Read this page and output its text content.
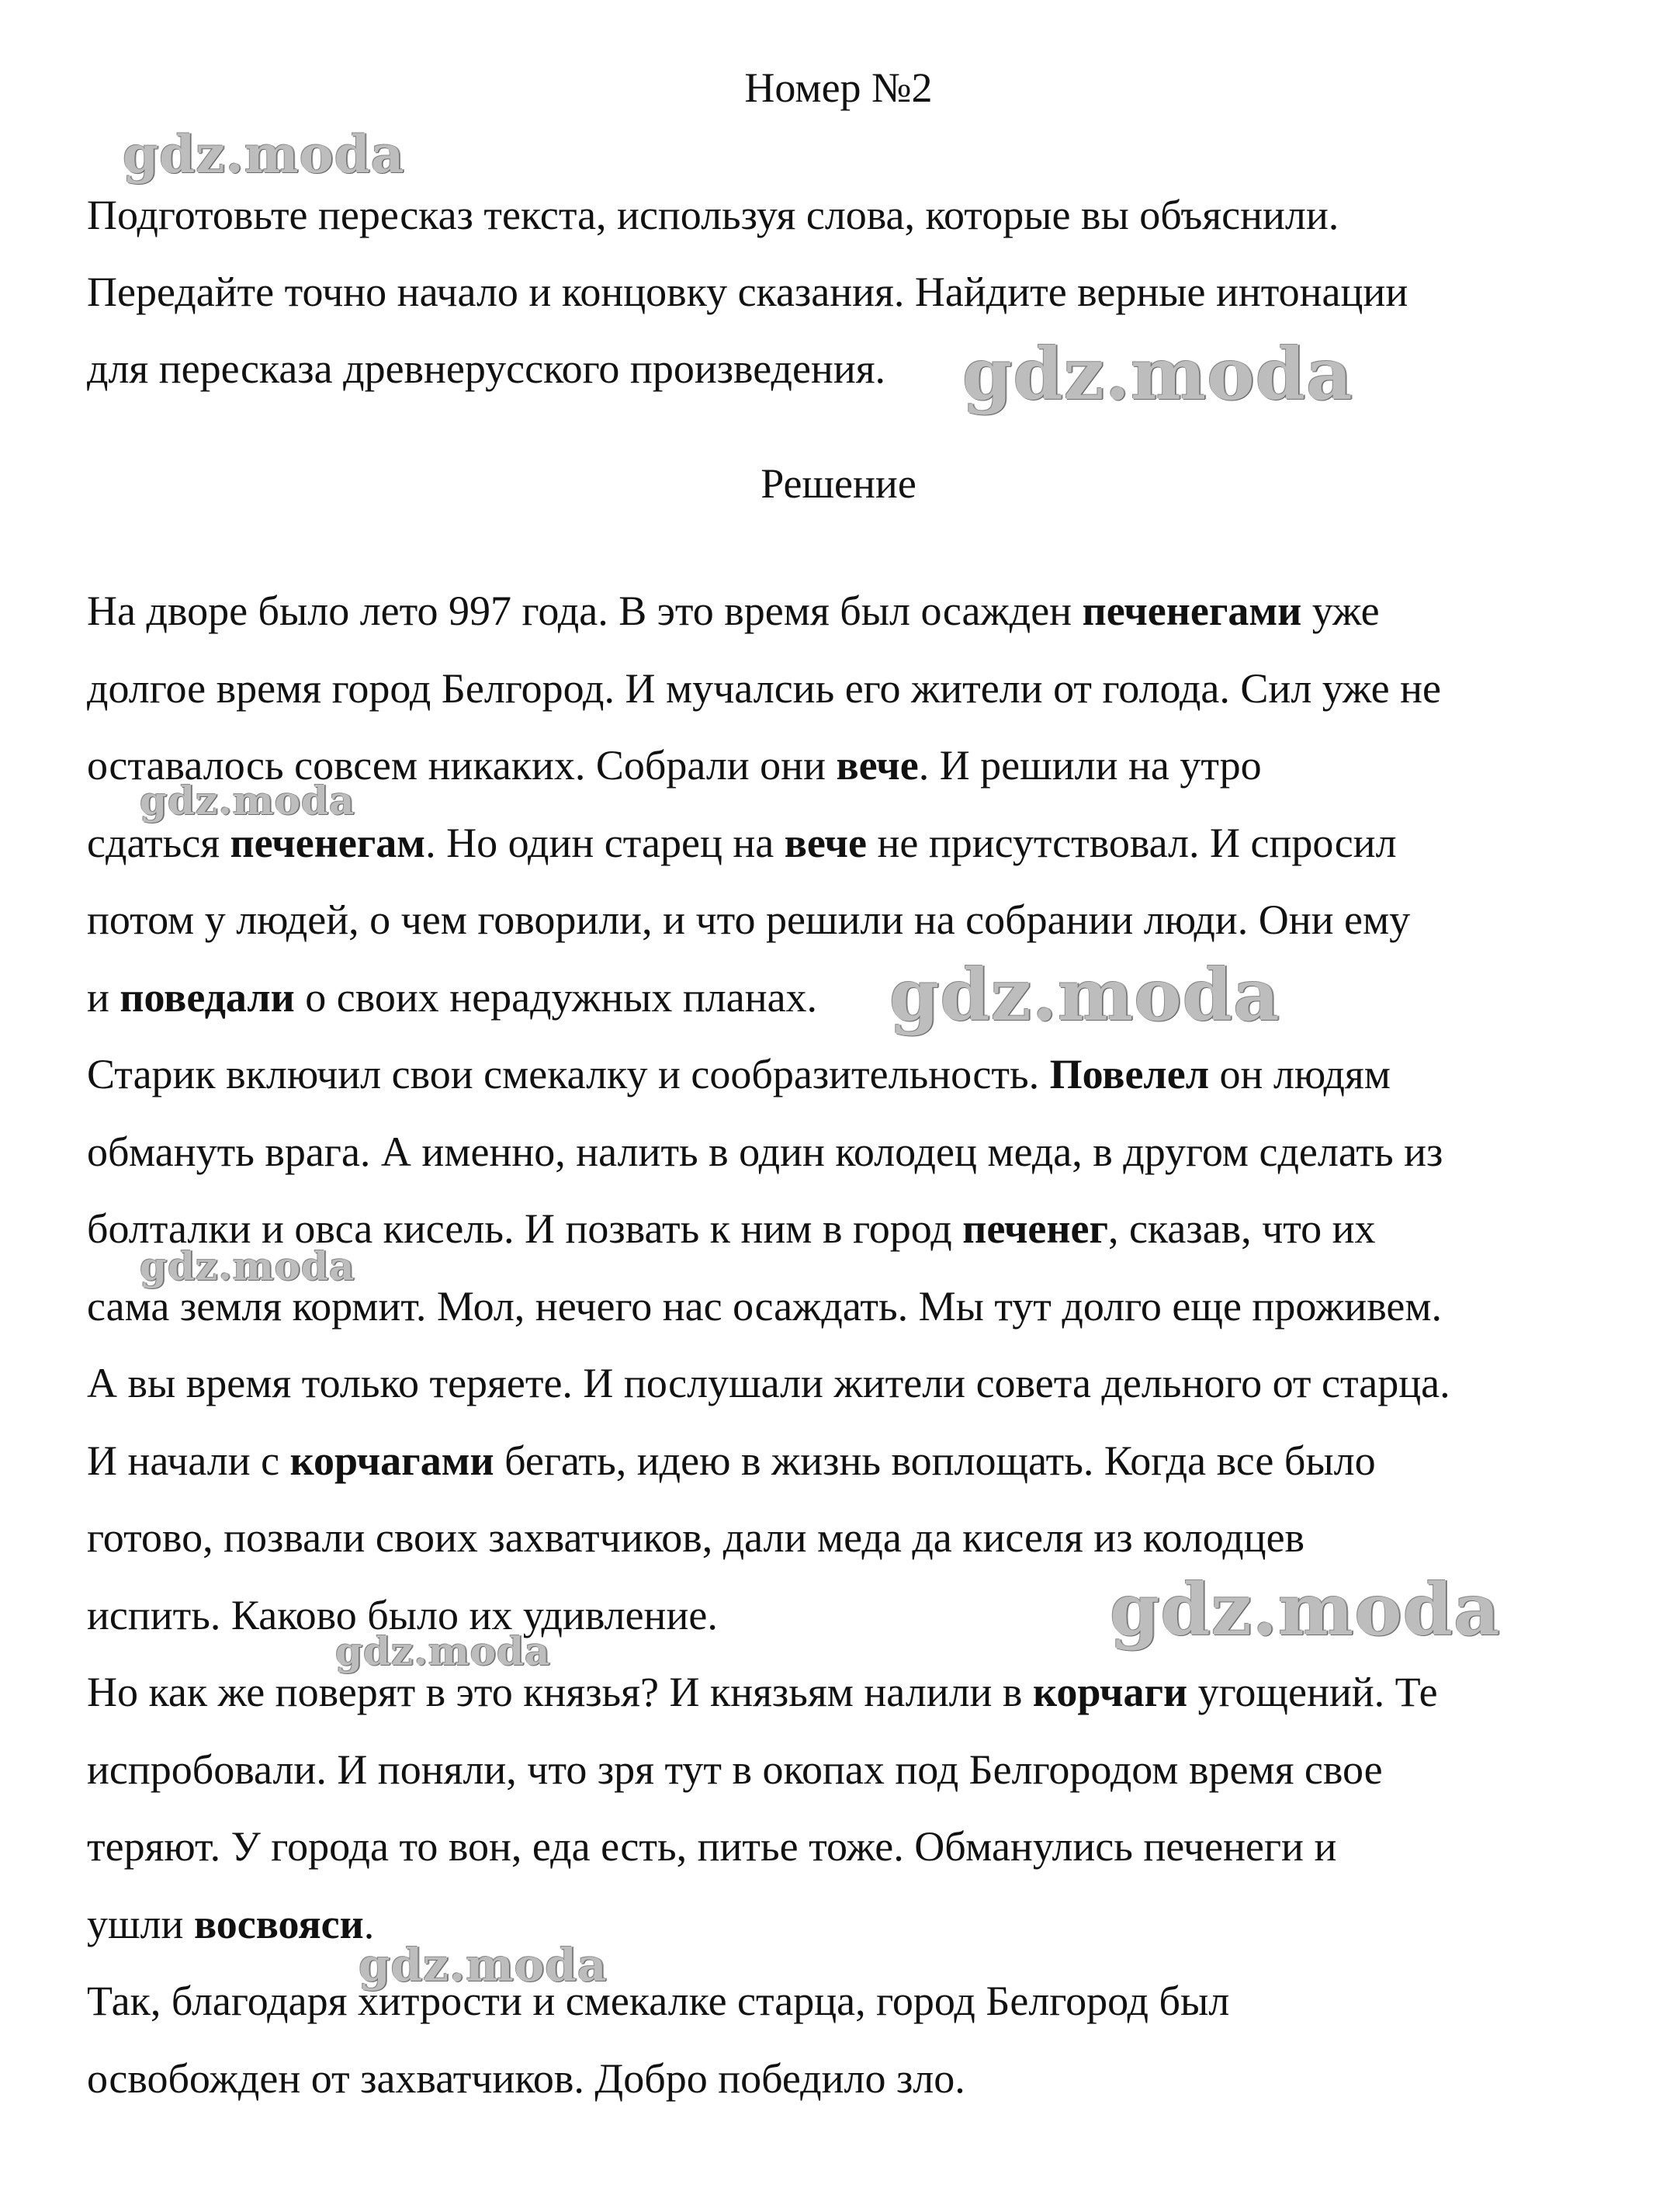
Номер №2
Подготовьте пересказ текста, используя слова, которые вы объяснили.
Передайте точно начало и концовку сказания. Найдите верные интонации
для пересказа древнерусского произведения.
Решение
На дворе было лето 997 года. В это время был осажден печенегами уже
долгое время город Белгород. И мучалсиь его жители от голода. Сил уже не
оставалось совсем никаких. Собрали они вече. И решили на утро
сдаться печенегам. Но один старец на вече не присутствовал. И спросил
потом у людей, о чем говорили, и что решили на собрании люди. Они ему
и поведали о своих нерадужных планах.
Старик включил свои смекалку и сообразительность. Повелел он людям
обмануть врага. А именно, налить в один колодец меда, в другом сделать из
болталки и овса кисель. И позвать к ним в город печенег, сказав, что их
сама земля кормит. Мол, нечего нас осаждать. Мы тут долго еще проживем.
А вы время только теряете. И послушали жители совета дельного от старца.
И начали с корчагами бегать, идею в жизнь воплощать. Когда все было
готово, позвали своих захватчиков, дали меда да киселя из колодцев
испить. Каково было их удивление.
Но как же поверят в это князья? И князьям налили в корчаги угощений. Те
испробовали. И поняли, что зря тут в окопах под Белгородом время свое
теряют. У города то вон, еда есть, питье тоже. Обманулись печенеги и
ушли восвояси.
Так, благодаря хитрости и смекалке старца, город Белгород был
освобожден от захватчиков. Добро победило зло.
gdz.moda
gdz.moda
gdz.moda
gdz.moda
gdz.moda
gdz.moda
gdz.moda
gdz.moda
